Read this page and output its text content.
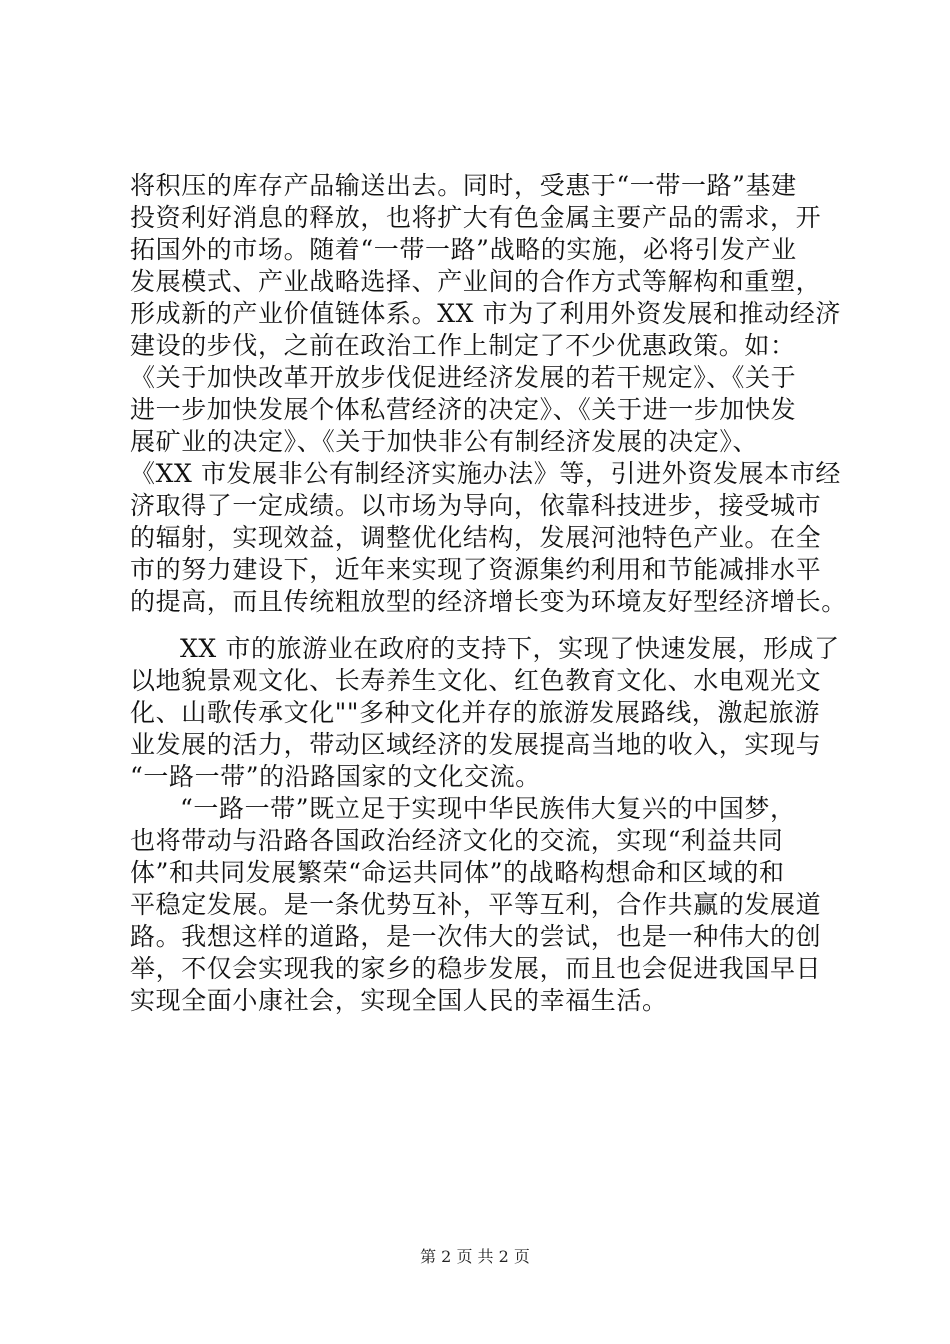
将积压的库存产品输送出去。同时，受惠于“一带一路”基建
投资利好消息的释放，也将扩大有色金属主要产品的需求，开
拓国外的市场。随着“一带一路”战略的实施，必将引发产业
发展模式、产业战略选择、产业间的合作方式等解构和重塑，
形成新的产业价值链体系。XX 市为了利用外资发展和推动经济
建设的步伐，之前在政治工作上制定了不少优惠政策。如：
《关于加快改革开放步伐促进经济发展的若干规定》、《关于
进一步加快发展个体私营经济的决定》、《关于进一步加快发
展矿业的决定》、《关于加快非公有制经济发展的决定》、
《XX 市发展非公有制经济实施办法》等，引进外资发展本市经
济取得了一定成绩。以市场为导向，依靠科技进步，接受城市
的辐射，实现效益，调整优化结构，发展河池特色产业。在全
市的努力建设下，近年来实现了资源集约利用和节能减排水平
的提高，而且传统粗放型的经济增长变为环境友好型经济增长。
XX 市的旅游业在政府的支持下，实现了快速发展，形成了
以地貌景观文化、长寿养生文化、红色教育文化、水电观光文
化、山歌传承文化""多种文化并存的旅游发展路线，激起旅游
业发展的活力，带动区域经济的发展提高当地的收入，实现与
“一路一带”的沿路国家的文化交流。
“一路一带”既立足于实现中华民族伟大复兴的中国梦，
也将带动与沿路各国政治经济文化的交流，实现“利益共同
体”和共同发展繁荣“命运共同体”的战略构想命和区域的和
平稳定发展。是一条优势互补，平等互利，合作共赢的发展道
路。我想这样的道路，是一次伟大的尝试，也是一种伟大的创
举，不仅会实现我的家乡的稳步发展，而且也会促进我国早日
实现全面小康社会，实现全国人民的幸福生活。
第 2 页 共 2 页
